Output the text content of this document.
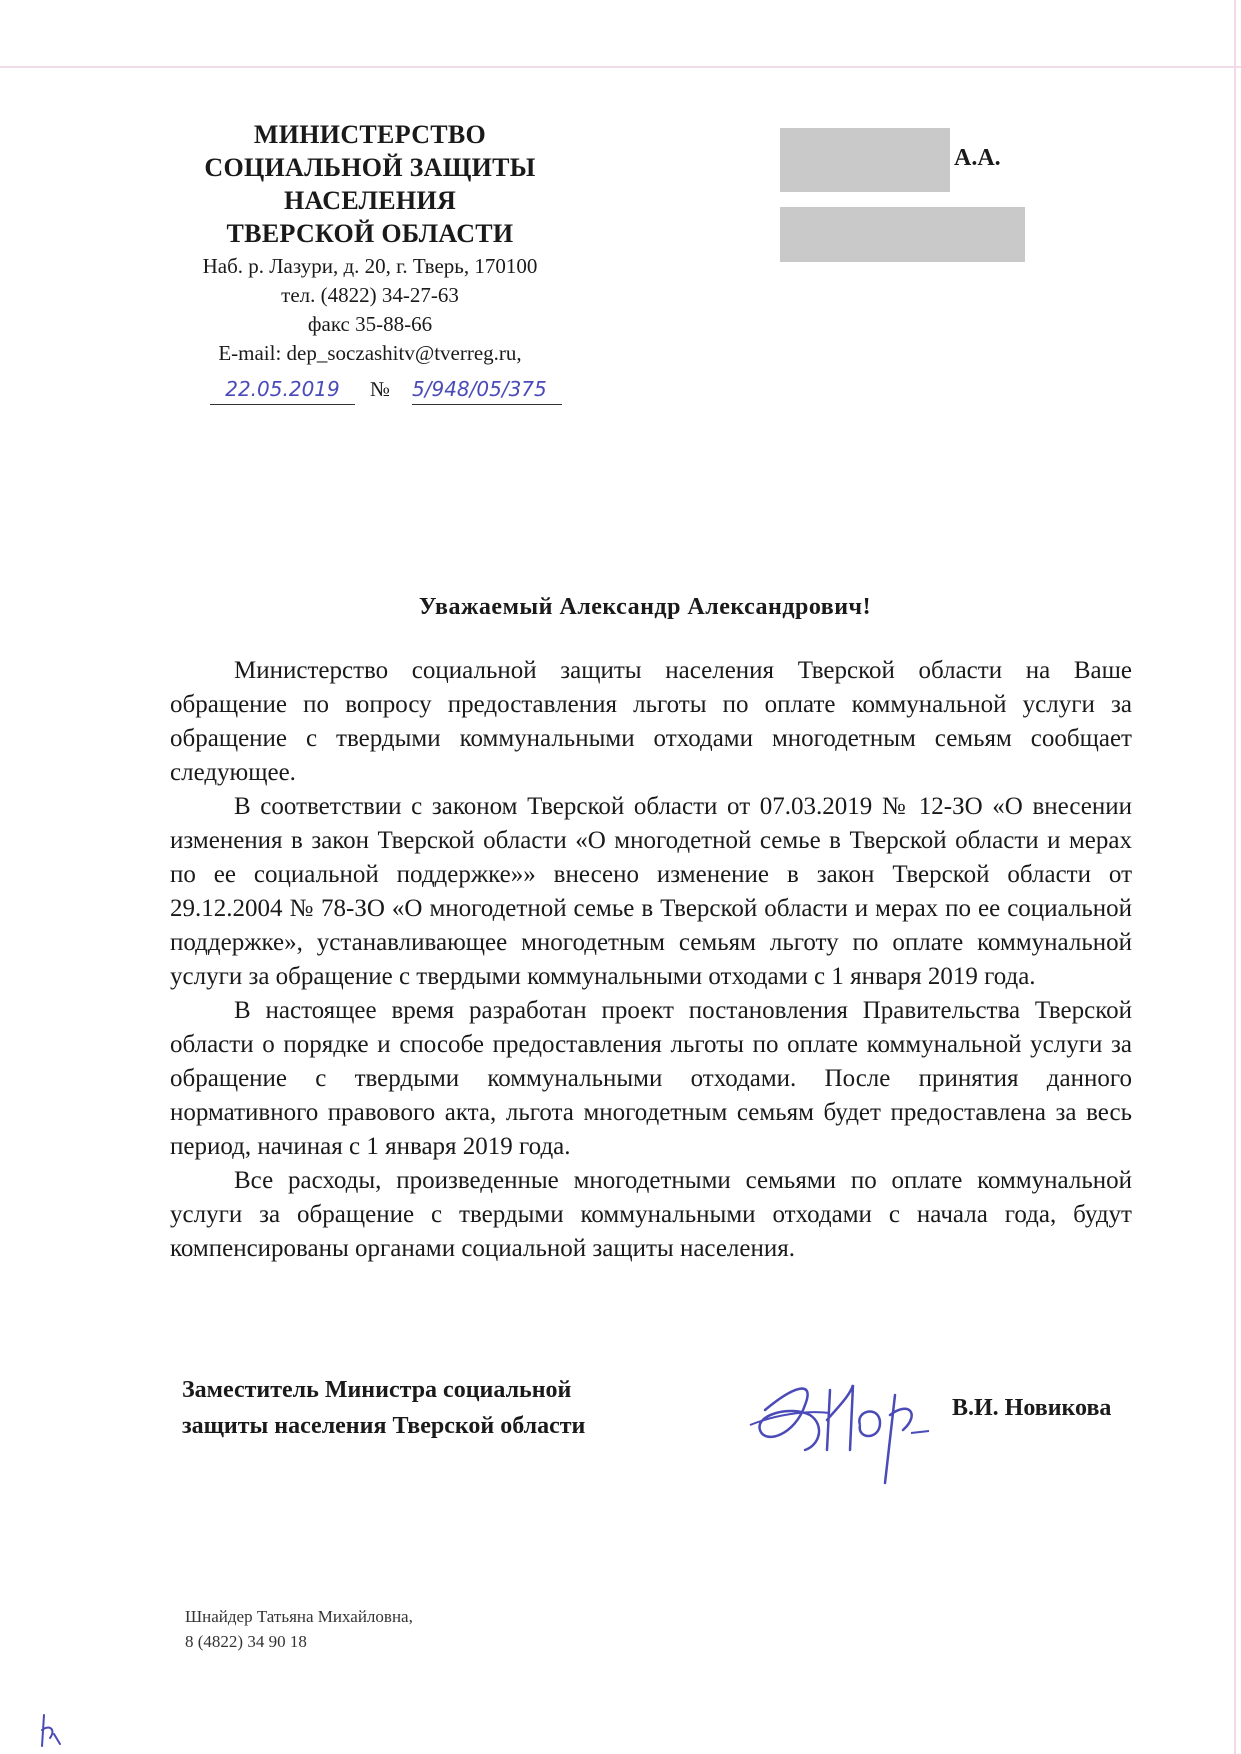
МИНИСТЕРСТВО
СОЦИАЛЬНОЙ ЗАЩИТЫ
НАСЕЛЕНИЯ
ТВЕРСКОЙ ОБЛАСТИ
Наб. р. Лазури, д. 20, г. Тверь, 170100
тел. (4822) 34-27-63
факс 35-88-66
E-mail: dep_soczashitv@tverreg.ru,
22.05.2019	№ 5/948/05/375
А.А.
Уважаемый Александр Александрович!

Министерство социальной защиты населения Тверской области на Ваше обращение по вопросу предоставления льготы по оплате коммунальной услуги за обращение с твердыми коммунальными отходами многодетным семьям сообщает следующее.

В соответствии с законом Тверской области от 07.03.2019 № 12-ЗО «О внесении изменения в закон Тверской области «О многодетной семье в Тверской области и мерах по ее социальной поддержке»» внесено изменение в закон Тверской области от 29.12.2004 № 78-ЗО «О многодетной семье в Тверской области и мерах по ее социальной поддержке», устанавливающее многодетным семьям льготу по оплате коммунальной услуги за обращение с твердыми коммунальными отходами с 1 января 2019 года.

В настоящее время разработан проект постановления Правительства Тверской области о порядке и способе предоставления льготы по оплате коммунальной услуги за обращение с твердыми коммунальными отходами. После принятия данного нормативного правового акта, льгота многодетным семьям будет предоставлена за весь период, начиная с 1 января 2019 года.

Все расходы, произведенные многодетными семьями по оплате коммунальной услуги за обращение с твердыми коммунальными отходами с начала года, будут компенсированы органами социальной защиты населения.

Заместитель Министра социальной
защиты населения Тверской области
В.И. Новикова
Шнайдер Татьяна Михайловна,
8 (4822) 34 90 18
